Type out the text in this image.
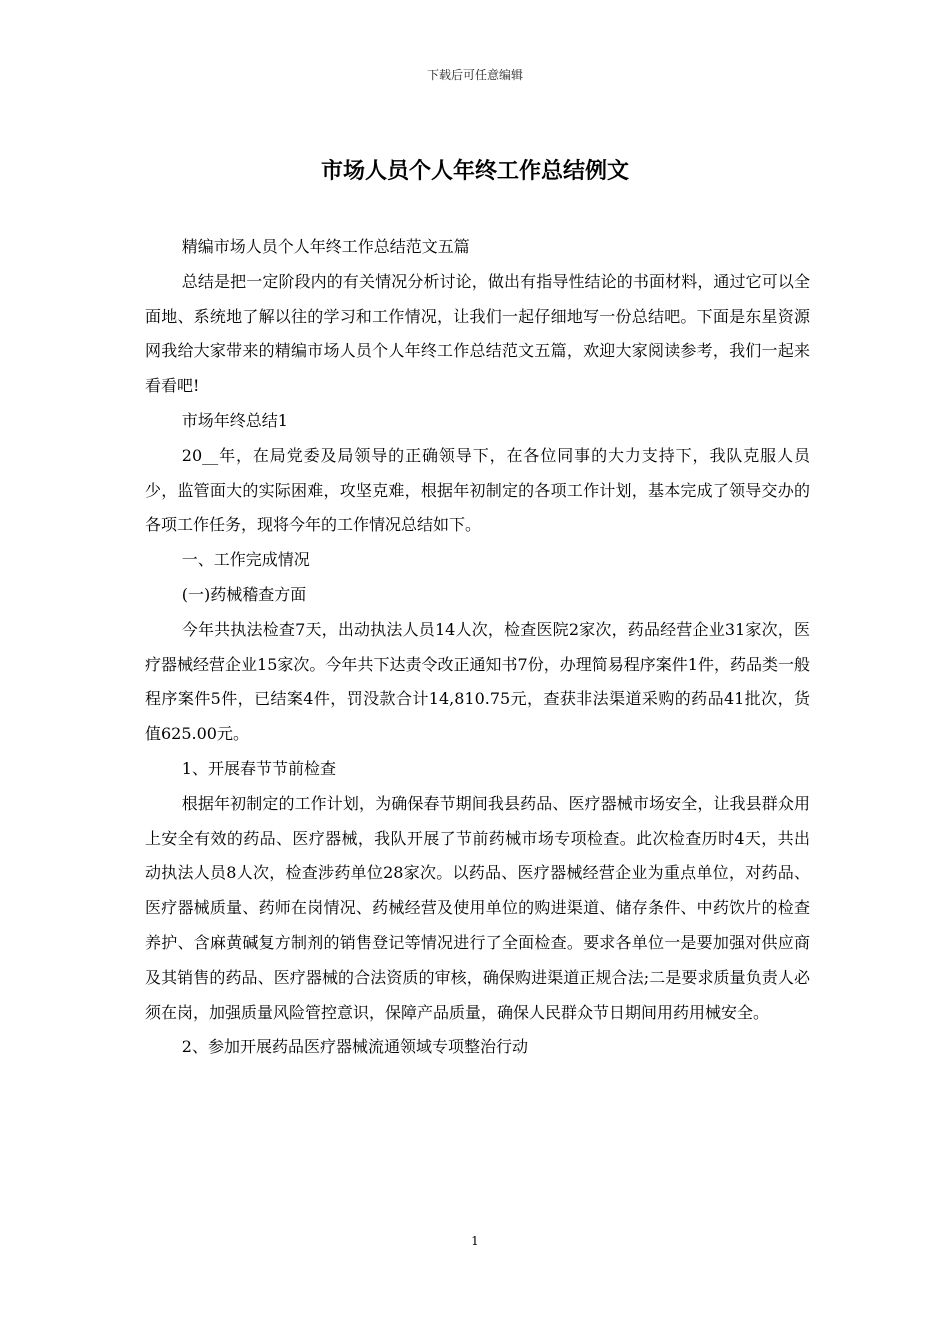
下载后可任意编辑
市场人员个人年终工作总结例文

精编市场人员个人年终工作总结范文五篇

总结是把一定阶段内的有关情况分析讨论，做出有指导性结论的书面材料，通过它可以全面地、系统地了解以往的学习和工作情况，让我们一起仔细地写一份总结吧。下面是东星资源网我给大家带来的精编市场人员个人年终工作总结范文五篇，欢迎大家阅读参考，我们一起来看看吧!

市场年终总结1

20__年，在局党委及局领导的正确领导下，在各位同事的大力支持下，我队克服人员少，监管面大的实际困难，攻坚克难，根据年初制定的各项工作计划，基本完成了领导交办的各项工作任务，现将今年的工作情况总结如下。

一、工作完成情况

(一)药械稽查方面

今年共执法检查7天，出动执法人员14人次，检查医院2家次，药品经营企业31家次，医疗器械经营企业15家次。今年共下达责令改正通知书7份，办理简易程序案件1件，药品类一般程序案件5件，已结案4件，罚没款合计14,810.75元，查获非法渠道采购的药品41批次，货值625.00元。

1、开展春节节前检查

根据年初制定的工作计划，为确保春节期间我县药品、医疗器械市场安全，让我县群众用上安全有效的药品、医疗器械，我队开展了节前药械市场专项检查。此次检查历时4天，共出动执法人员8人次，检查涉药单位28家次。以药品、医疗器械经营企业为重点单位，对药品、医疗器械质量、药师在岗情况、药械经营及使用单位的购进渠道、储存条件、中药饮片的检查养护、含麻黄碱复方制剂的销售登记等情况进行了全面检查。要求各单位一是要加强对供应商及其销售的药品、医疗器械的合法资质的审核，确保购进渠道正规合法;二是要求质量负责人必须在岗，加强质量风险管控意识，保障产品质量，确保人民群众节日期间用药用械安全。

2、参加开展药品医疗器械流通领域专项整治行动

1
